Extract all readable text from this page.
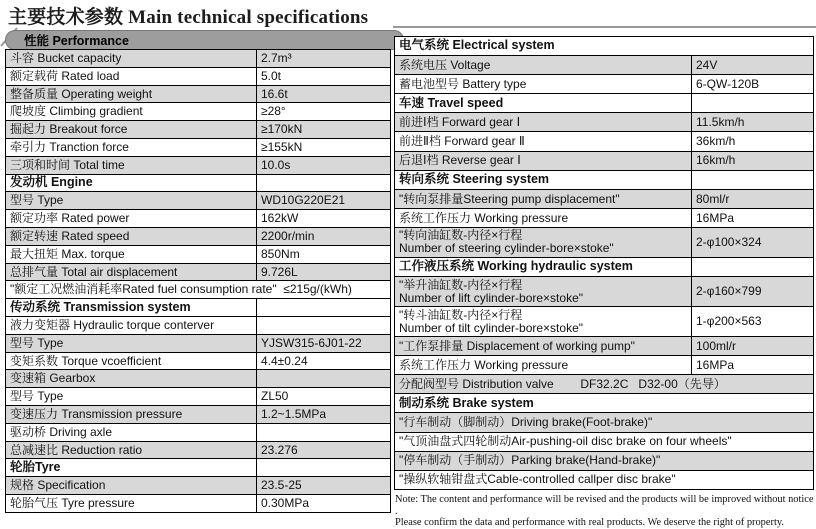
主要技术参数 Main technical specifications
性能 Performance
斗容 Bucket capacity	2.7m³
额定载荷 Rated load	5.0t
整备质量 Operating weight	16.6t
爬坡度 Climbing gradient	≥28°
掘起力 Breakout force	≥170kN
牵引力 Tranction force	≥155kN
三项和时间 Total time	10.0s
发动机 Engine
型号 Type	WD10G220E21
额定功率 Rated power	162kW
额定转速 Rated speed	2200r/min
最大扭矩 Max. torque	850Nm
总排气量 Total air displacement	9.726L
"额定工况燃油消耗率Rated fuel consumption rate"  ≤215g/(kWh)
传动系统 Transmission system
液力变矩器 Hydraulic torque conterver
型号 Type	YJSW315-6J01-22
变矩系数 Torque vcoefficient	4.4±0.24
变速箱 Gearbox
型号 Type	ZL50
变速压力 Transmission pressure	1.2~1.5MPa
驱动桥 Driving axle
总减速比 Reduction ratio	23.276
轮胎Tyre
规格 Specification	23.5-25
轮胎气压 Tyre pressure	0.30MPa
电气系统 Electrical system
系统电压 Voltage	24V
蓄电池型号 Battery type	6-QW-120B
车速 Travel speed
前进Ⅰ档 Forward gear Ⅰ	11.5km/h
前进Ⅱ档 Forward gear Ⅱ	36km/h
后退Ⅰ档 Reverse gear Ⅰ	16km/h
转向系统 Steering system
"转向泵排量Steering pump displacement"	80ml/r
系统工作压力 Working pressure	16MPa
"转向油缸数-内径×行程
Number of steering cylinder-bore×stoke"	2-φ100×324
工作液压系统 Working hydraulic system
"举升油缸数-内径×行程
Number of lift cylinder-bore×stoke"	2-φ160×799
"转斗油缸数-内径×行程
Number of tilt cylinder-bore×stoke"	1-φ200×563
"工作泵排量 Displacement of working pump"	100ml/r
系统工作压力 Working pressure	16MPa
分配阀型号 Distribution valve        DF32.2C   D32-00（先导）
制动系统 Brake system
"行车制动（脚制动）Driving brake(Foot-brake)"
"气顶油盘式四轮制动Air-pushing-oil disc brake on four wheels"
"停车制动（手制动）Parking brake(Hand-brake)"
"操纵软轴钳盘式Cable-controlled callper disc brake"
Note: The content and performance will be revised and the products will be improved without notice .
Please confirm the data and performance with real products. We deserve the right of property.
